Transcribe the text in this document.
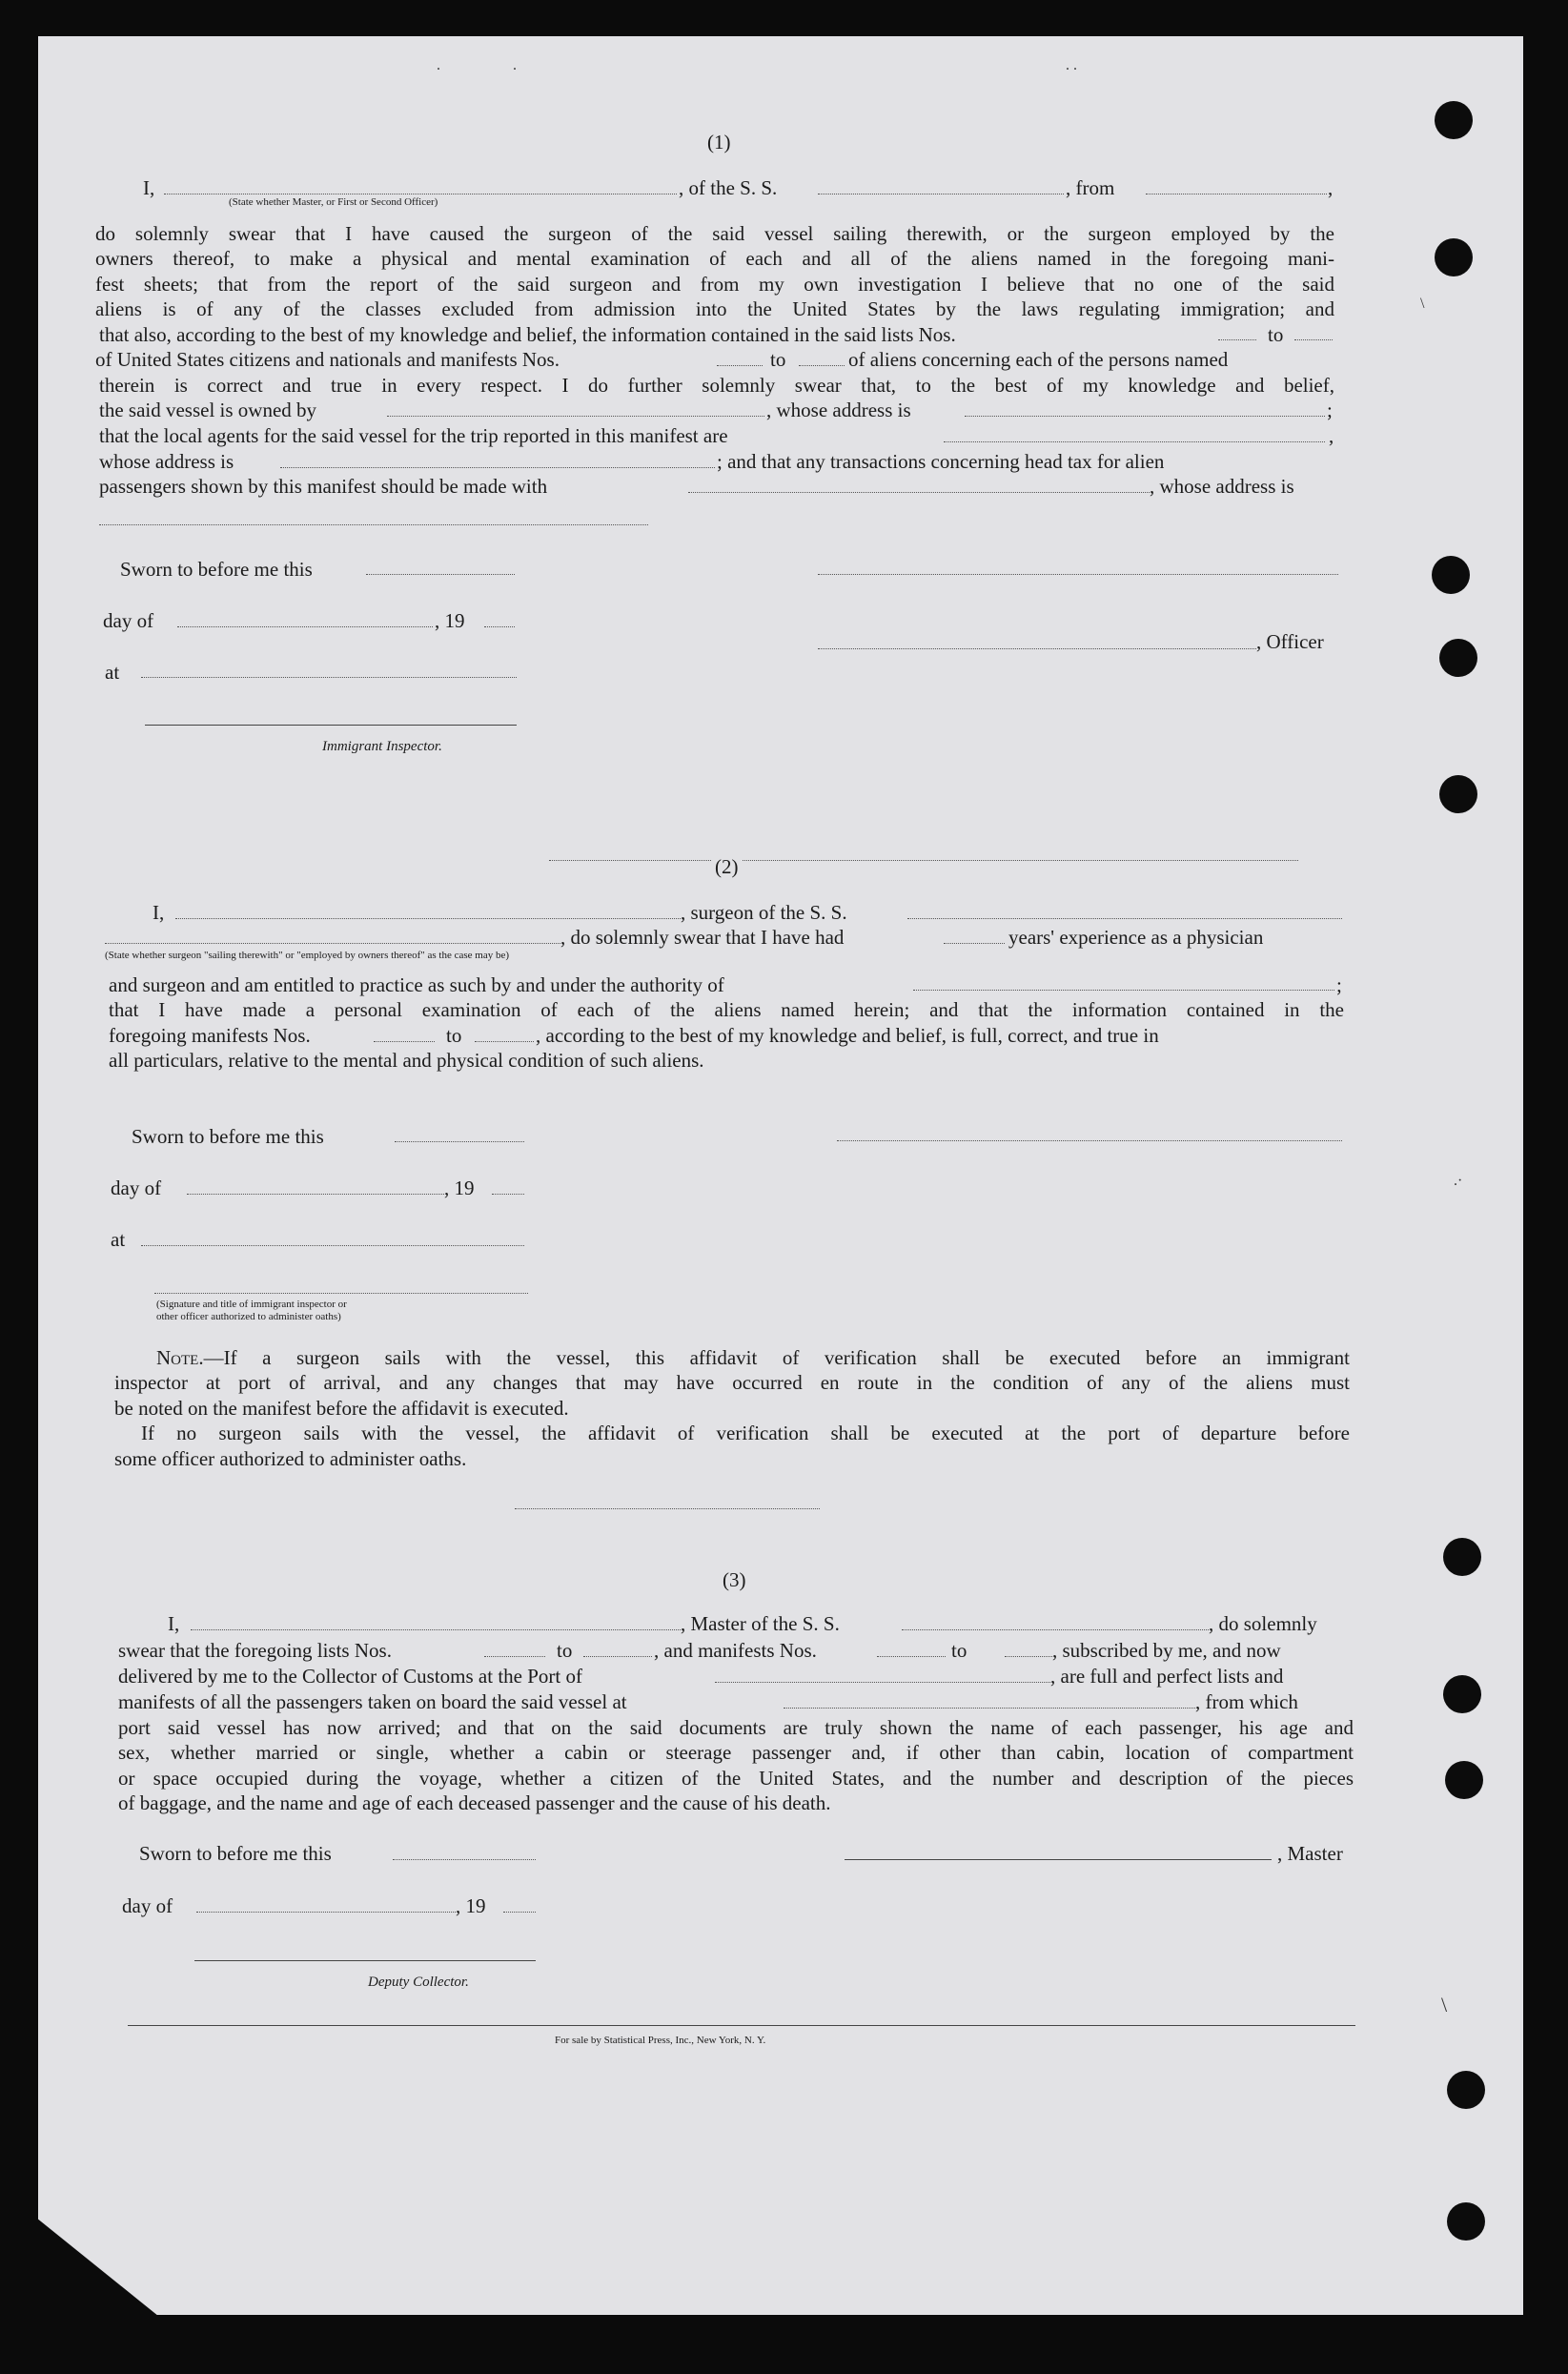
.	.	. .
\
.·
\
(1)
I,
(State whether Master, or First or Second Officer)
, of the S. S.	, from	,
do solemnly swear that I have caused the surgeon of the said vessel sailing therewith, or the surgeon employed by the
owners thereof, to make a physical and mental examination of each and all of the aliens named in the foregoing mani-
fest sheets; that from the report of the said surgeon and from my own investigation I believe that no one of the said
aliens is of any of the classes excluded from admission into the United States by the laws regulating immigration; and
that also, according to the best of my knowledge and belief, the information contained in the said lists Nos.	to
of United States citizens and nationals and manifests Nos.	to	of aliens concerning each of the persons named
therein is correct and true in every respect. I do further solemnly swear that, to the best of my knowledge and belief,
the said vessel is owned by	, whose address is	;
that the local agents for the said vessel for the trip reported in this manifest are	,
whose address is	; and that any transactions concerning head tax for alien
passengers shown by this manifest should be made with	, whose address is
Sworn to before me this
day of	, 19
at
, Officer
Immigrant Inspector.
(2)
I,	, surgeon of the S. S.
, do solemnly swear that I have had	years' experience as a physician
(State whether surgeon "sailing therewith" or "employed by owners thereof" as the case may be)
and surgeon and am entitled to practice as such by and under the authority of	;
that I have made a personal examination of each of the aliens named herein; and that the information contained in the
foregoing manifests Nos.	to	, according to the best of my knowledge and belief, is full, correct, and true in
all particulars, relative to the mental and physical condition of such aliens.
Sworn to before me this
day of	, 19
at
(Signature and title of immigrant inspector or
other officer authorized to administer oaths)
Note.—If a surgeon sails with the vessel, this affidavit of verification shall be executed before an immigrant
inspector at port of arrival, and any changes that may have occurred en route in the condition of any of the aliens must
be noted on the manifest before the affidavit is executed.
If no surgeon sails with the vessel, the affidavit of verification shall be executed at the port of departure before
some officer authorized to administer oaths.
(3)
I,	, Master of the S. S.	, do solemnly
swear that the foregoing lists Nos.	to	, and manifests Nos.	to	, subscribed by me, and now
delivered by me to the Collector of Customs at the Port of	, are full and perfect lists and
manifests of all the passengers taken on board the said vessel at	, from which
port said vessel has now arrived; and that on the said documents are truly shown the name of each passenger, his age and
sex, whether married or single, whether a cabin or steerage passenger and, if other than cabin, location of compartment
or space occupied during the voyage, whether a citizen of the United States, and the number and description of the pieces
of baggage, and the name and age of each deceased passenger and the cause of his death.
Sworn to before me this	, Master
day of	, 19
Deputy Collector.
For sale by Statistical Press, Inc., New York, N. Y.
